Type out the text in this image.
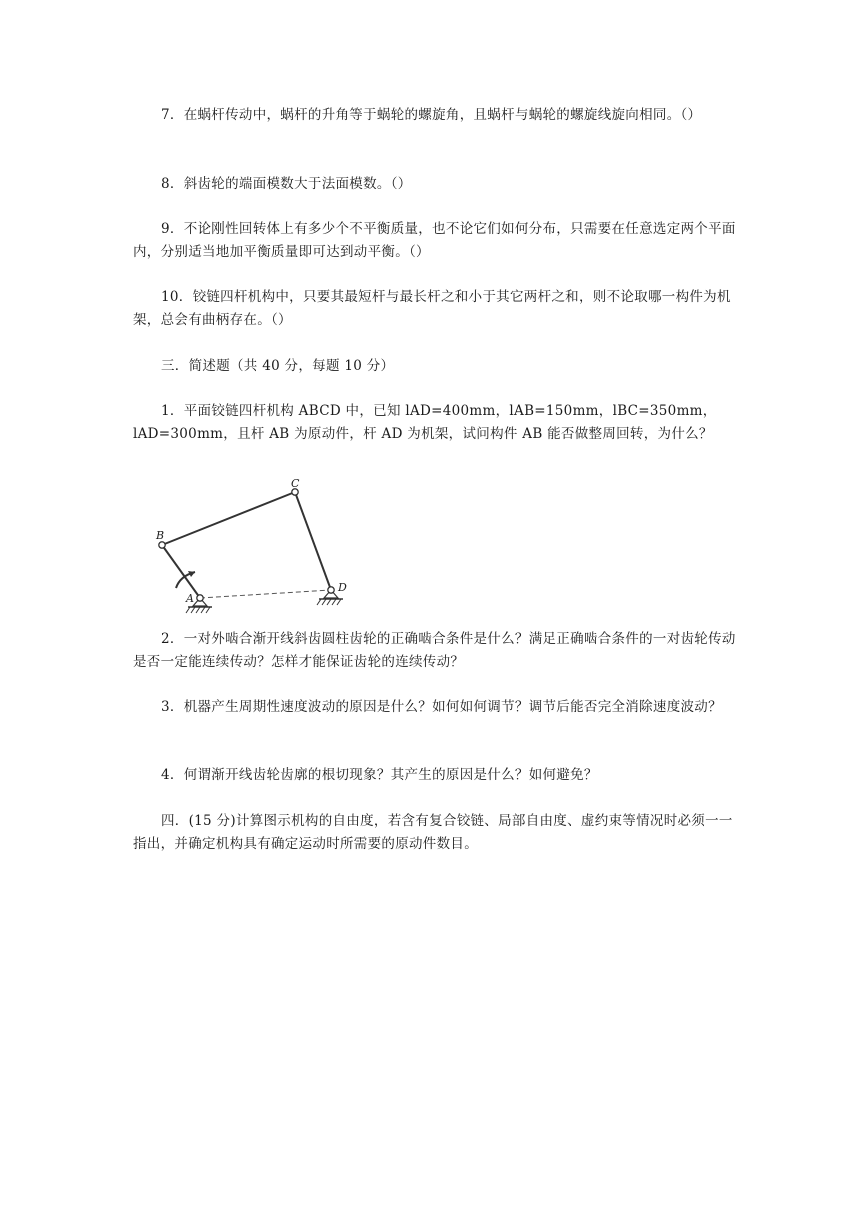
7．在蜗杆传动中，蜗杆的升角等于蜗轮的螺旋角，且蜗杆与蜗轮的螺旋线旋向相同。（）

8．斜齿轮的端面模数大于法面模数。（）

9．不论刚性回转体上有多少个不平衡质量，也不论它们如何分布，只需要在任意选定两个平面内，分别适当地加平衡质量即可达到动平衡。（）

10．铰链四杆机构中，只要其最短杆与最长杆之和小于其它两杆之和，则不论取哪一构件为机架，总会有曲柄存在。（）

三．简述题（共 40 分，每题 10 分）

1．平面铰链四杆机构 ABCD 中，已知 lAD=400mm，lAB=150mm，lBC=350mm，lAD=300mm，且杆 AB 为原动件，杆 AD 为机架，试问构件 AB 能否做整周回转，为什么？

A
B
C
D

2．一对外啮合渐开线斜齿圆柱齿轮的正确啮合条件是什么？满足正确啮合条件的一对齿轮传动是否一定能连续传动？怎样才能保证齿轮的连续传动？

3．机器产生周期性速度波动的原因是什么？如何如何调节？调节后能否完全消除速度波动？

4．何谓渐开线齿轮齿廓的根切现象？其产生的原因是什么？如何避免？

四．(15 分)计算图示机构的自由度，若含有复合铰链、局部自由度、虚约束等情况时必须一一指出，并确定机构具有确定运动时所需要的原动件数目。
